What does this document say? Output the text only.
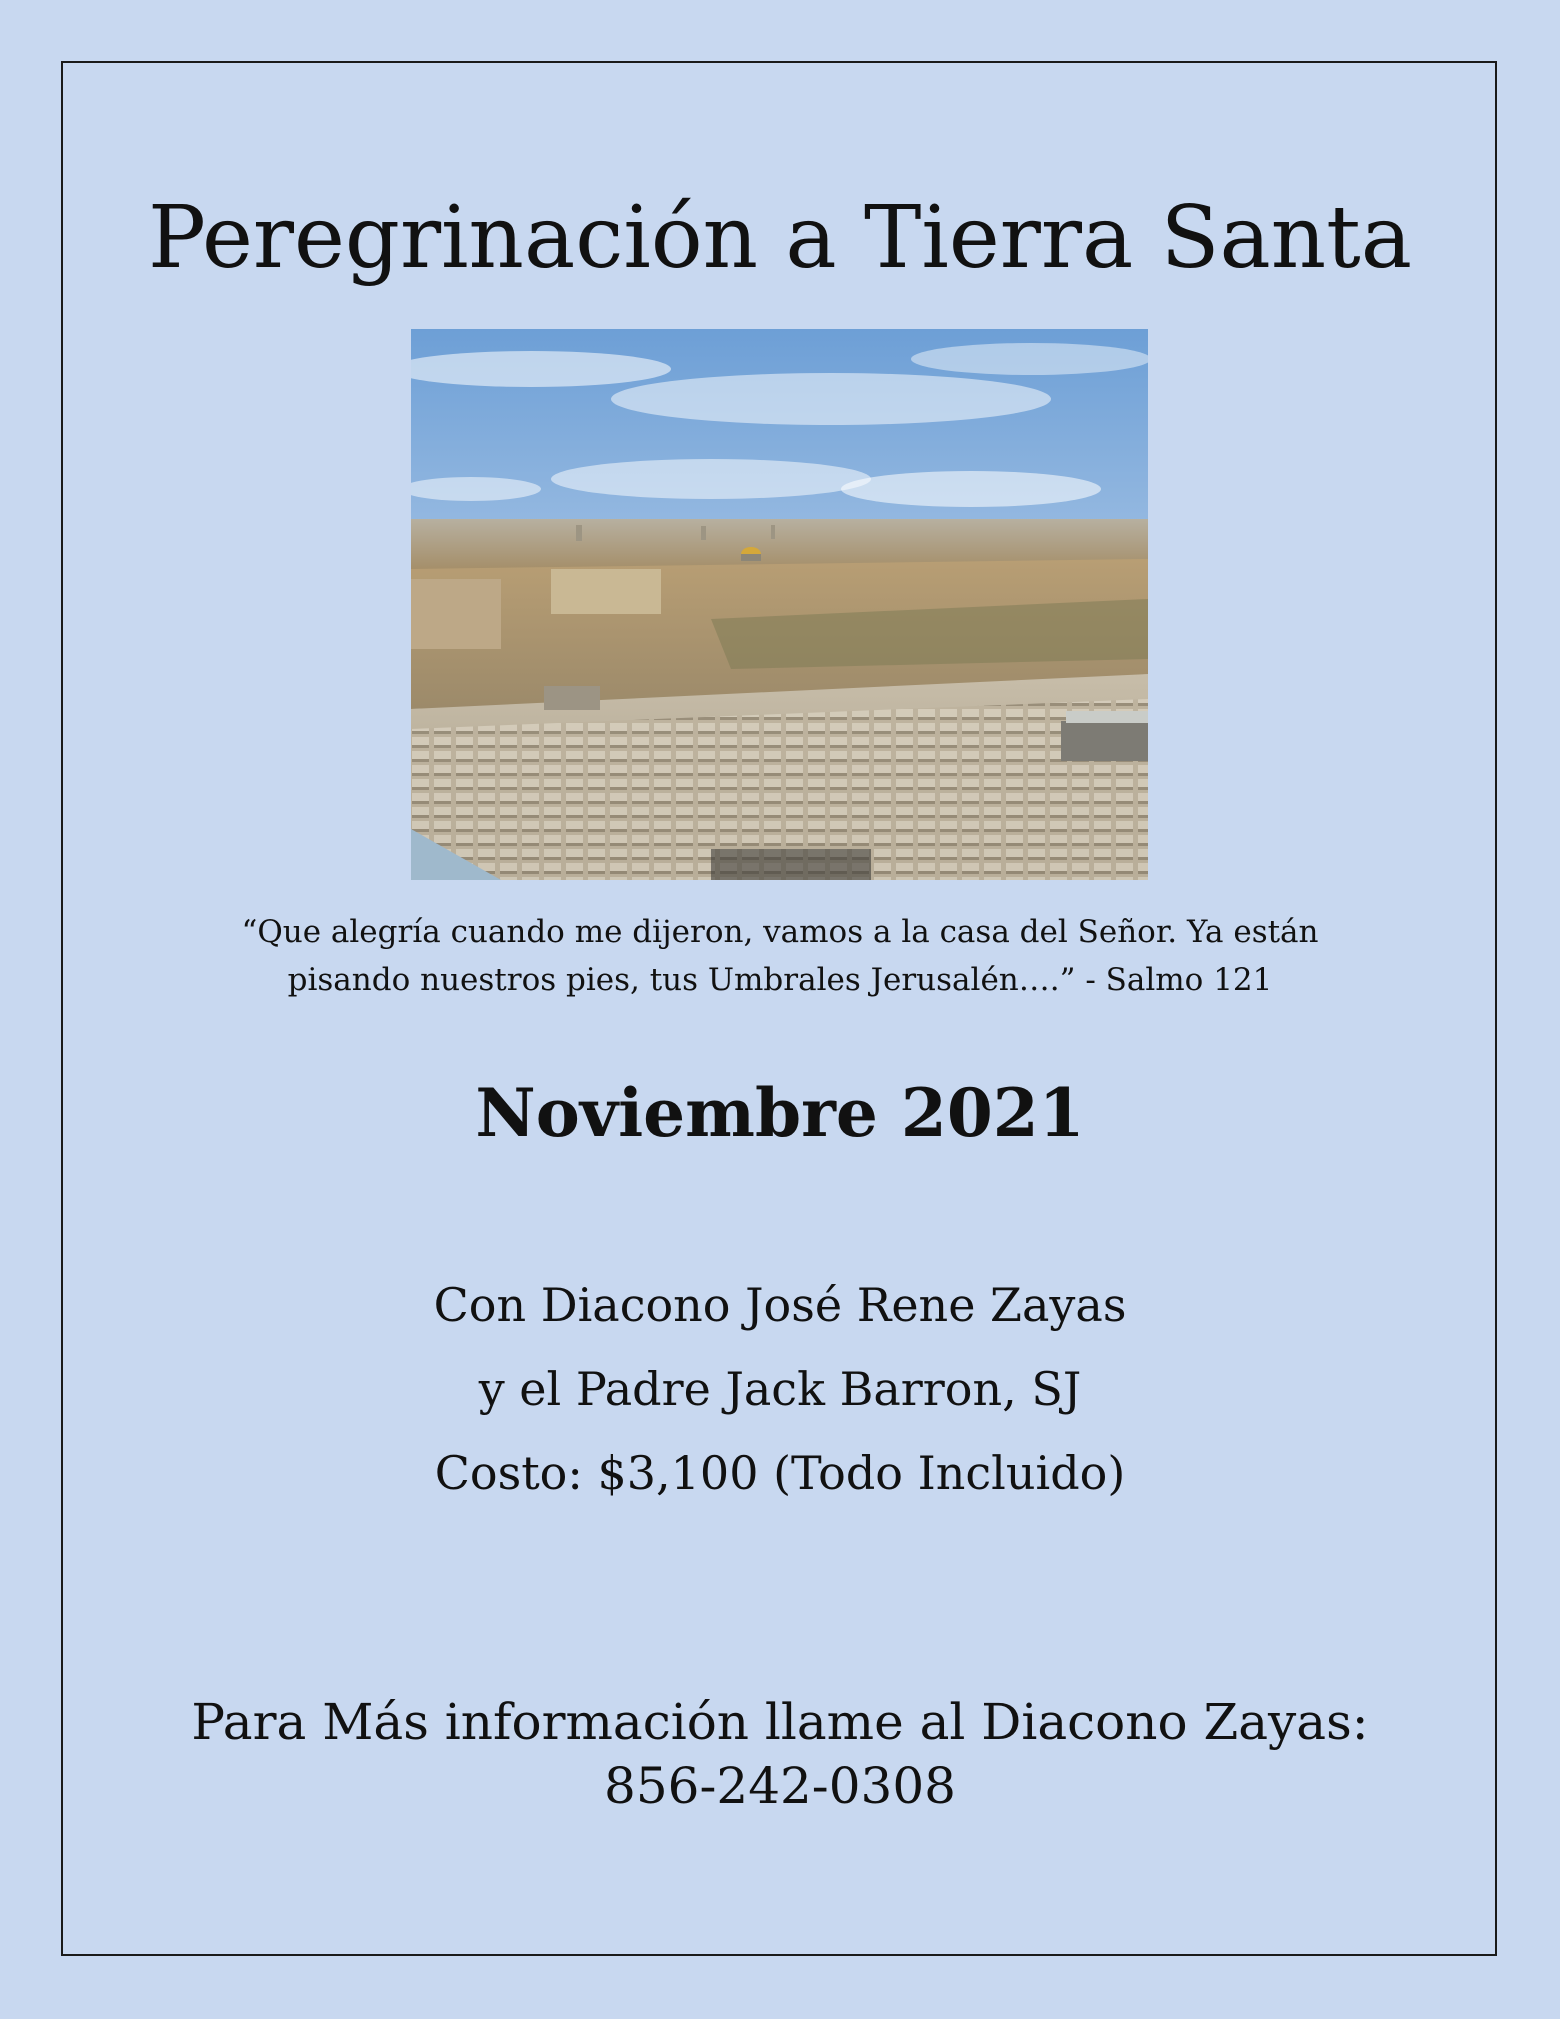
Peregrinación a Tierra Santa
“Que alegría cuando me dijeron, vamos a la casa del Señor. Ya están
pisando nuestros pies, tus Umbrales Jerusalén….” - Salmo 121
Noviembre 2021
Con Diacono José Rene Zayas
y el Padre Jack Barron, SJ
Costo: $3,100 (Todo Incluido)
Para Más información llame al Diacono Zayas:
856-242-0308
